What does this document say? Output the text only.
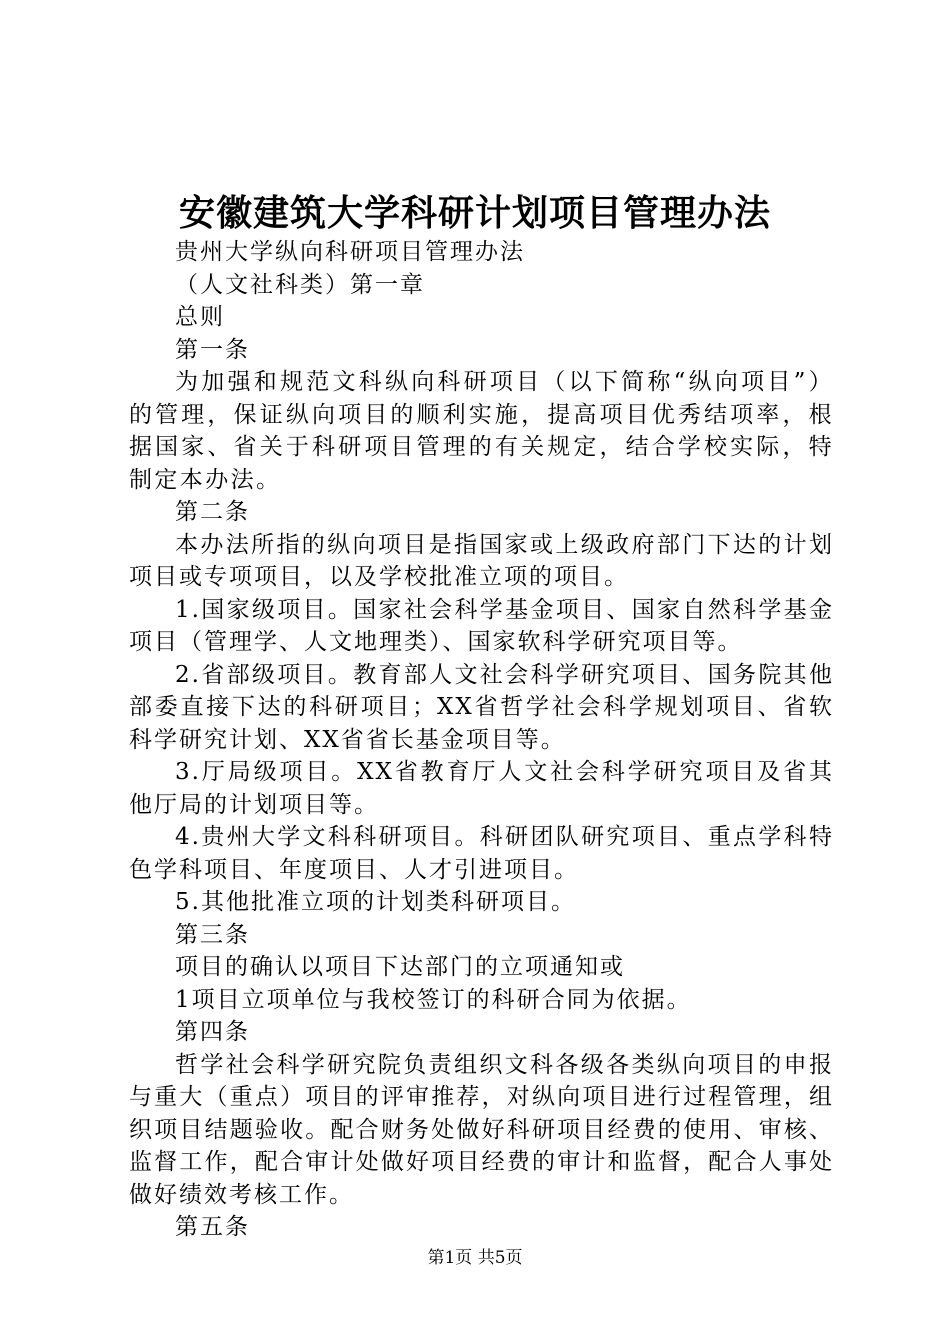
安徽建筑大学科研计划项目管理办法

贵州大学纵向科研项目管理办法

（人文社科类）第一章

总则

第一条

为加强和规范文科纵向科研项目（以下简称“纵向项目”）的管理，保证纵向项目的顺利实施，提高项目优秀结项率，根据国家、省关于科研项目管理的有关规定，结合学校实际，特制定本办法。

第二条

本办法所指的纵向项目是指国家或上级政府部门下达的计划项目或专项项目，以及学校批准立项的项目。

1.国家级项目。国家社会科学基金项目、国家自然科学基金项目（管理学、人文地理类）、国家软科学研究项目等。

2.省部级项目。教育部人文社会科学研究项目、国务院其他部委直接下达的科研项目；XX省哲学社会科学规划项目、省软科学研究计划、XX省省长基金项目等。

3.厅局级项目。XX省教育厅人文社会科学研究项目及省其他厅局的计划项目等。

4.贵州大学文科科研项目。科研团队研究项目、重点学科特色学科项目、年度项目、人才引进项目。

5.其他批准立项的计划类科研项目。

第三条

项目的确认以项目下达部门的立项通知或

1项目立项单位与我校签订的科研合同为依据。

第四条

哲学社会科学研究院负责组织文科各级各类纵向项目的申报与重大（重点）项目的评审推荐，对纵向项目进行过程管理，组织项目结题验收。配合财务处做好科研项目经费的使用、审核、监督工作，配合审计处做好项目经费的审计和监督，配合人事处做好绩效考核工作。

第五条

第1页 共5页
